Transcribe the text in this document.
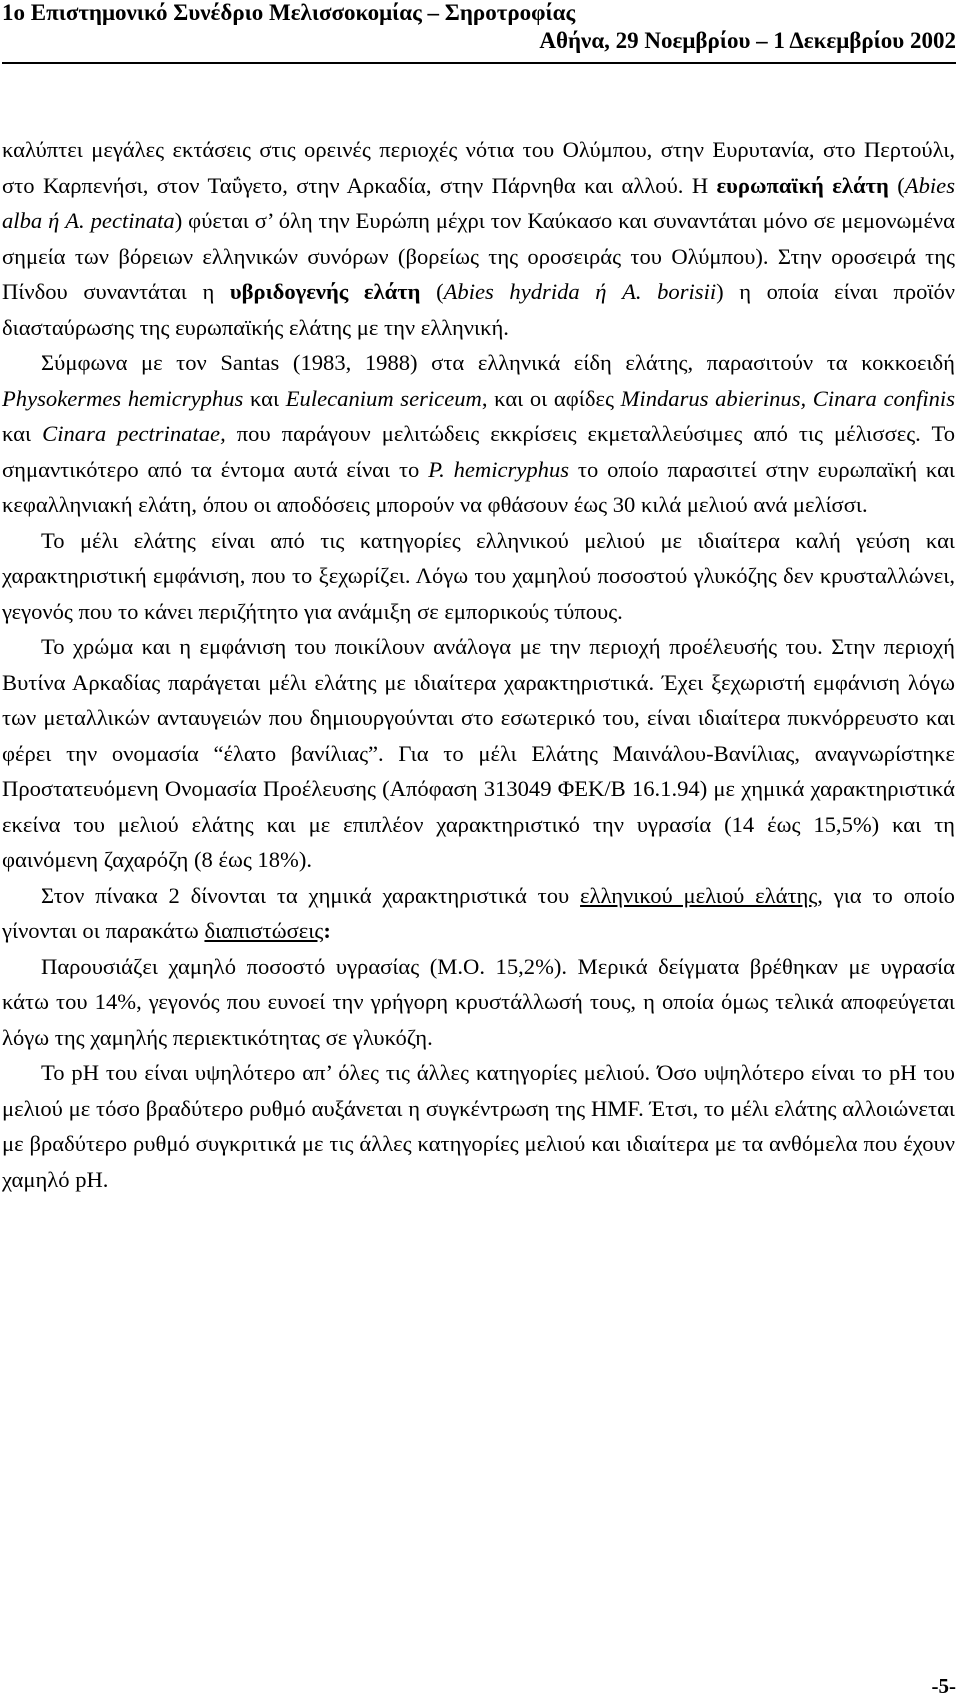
1ο Επιστημονικό Συνέδριο Μελισσοκομίας – Σηροτροφίας
Αθήνα, 29 Νοεμβρίου – 1 Δεκεμβρίου 2002

καλύπτει μεγάλες εκτάσεις στις ορεινές περιοχές νότια του Ολύμπου, στην Ευρυτανία, στο Περτούλι, στο Καρπενήσι, στον Ταΰγετο, στην Αρκαδία, στην Πάρνηθα και αλλού. Η ευρωπαϊκή ελάτη (Abies alba ή A. pectinata) φύεται σ’ όλη την Ευρώπη μέχρι τον Καύκασο και συναντάται μόνο σε μεμονωμένα σημεία των βόρειων ελληνικών συνόρων (βορείως της οροσειράς του Ολύμπου). Στην οροσειρά της Πίνδου συναντάται η υβριδογενής ελάτη (Abies hydrida ή A. borisii) η οποία είναι προϊόν διασταύρωσης της ευρωπαϊκής ελάτης με την ελληνική.

Σύμφωνα με τον Santas (1983, 1988) στα ελληνικά είδη ελάτης, παρασιτούν τα κοκκοειδή Physokermes hemicryphus και Eulecanium sericeum, και οι αφίδες Mindarus abierinus, Cinara confinis και Cinara pectrinatae, που παράγουν μελιτώδεις εκκρίσεις εκμεταλλεύσιμες από τις μέλισσες. Το σημαντικότερο από τα έντομα αυτά είναι το P. hemicryphus το οποίο παρασιτεί στην ευρωπαϊκή και κεφαλληνιακή ελάτη, όπου οι αποδόσεις μπορούν να φθάσουν έως 30 κιλά μελιού ανά μελίσσι.

Το μέλι ελάτης είναι από τις κατηγορίες ελληνικού μελιού με ιδιαίτερα καλή γεύση και χαρακτηριστική εμφάνιση, που το ξεχωρίζει. Λόγω του χαμηλού ποσοστού γλυκόζης δεν κρυσταλλώνει, γεγονός που το κάνει περιζήτητο για ανάμιξη σε εμπορικούς τύπους.

Το χρώμα και η εμφάνιση του ποικίλουν ανάλογα με την περιοχή προέλευσής του. Στην περιοχή Βυτίνα Αρκαδίας παράγεται μέλι ελάτης με ιδιαίτερα χαρακτηριστικά. Έχει ξεχωριστή εμφάνιση λόγω των μεταλλικών ανταυγειών που δημιουργούνται στο εσωτερικό του, είναι ιδιαίτερα πυκνόρρευστο και φέρει την ονομασία “έλατο βανίλιας”. Για το μέλι Ελάτης Μαινάλου-Βανίλιας, αναγνωρίστηκε Προστατευόμενη Ονομασία Προέλευσης (Απόφαση 313049 ΦΕΚ/Β 16.1.94) με χημικά χαρακτηριστικά εκείνα του μελιού ελάτης και με επιπλέον χαρακτηριστικό την υγρασία (14 έως 15,5%) και τη φαινόμενη ζαχαρόζη (8 έως 18%).

Στον πίνακα 2 δίνονται τα χημικά χαρακτηριστικά του ελληνικού μελιού ελάτης, για το οποίο γίνονται οι παρακάτω διαπιστώσεις:

Παρουσιάζει χαμηλό ποσοστό υγρασίας (Μ.Ο. 15,2%). Μερικά δείγματα βρέθηκαν με υγρασία κάτω του 14%, γεγονός που ευνοεί την γρήγορη κρυστάλλωσή τους, η οποία όμως τελικά αποφεύγεται λόγω της χαμηλής περιεκτικότητας σε γλυκόζη.

Το pH του είναι υψηλότερο απ’ όλες τις άλλες κατηγορίες μελιού. Όσο υψηλότερο είναι το pH του μελιού με τόσο βραδύτερο ρυθμό αυξάνεται η συγκέντρωση της HMF. Έτσι, το μέλι ελάτης αλλοιώνεται με βραδύτερο ρυθμό συγκριτικά με τις άλλες κατηγορίες μελιού και ιδιαίτερα με τα ανθόμελα που έχουν χαμηλό pH.

-5-
